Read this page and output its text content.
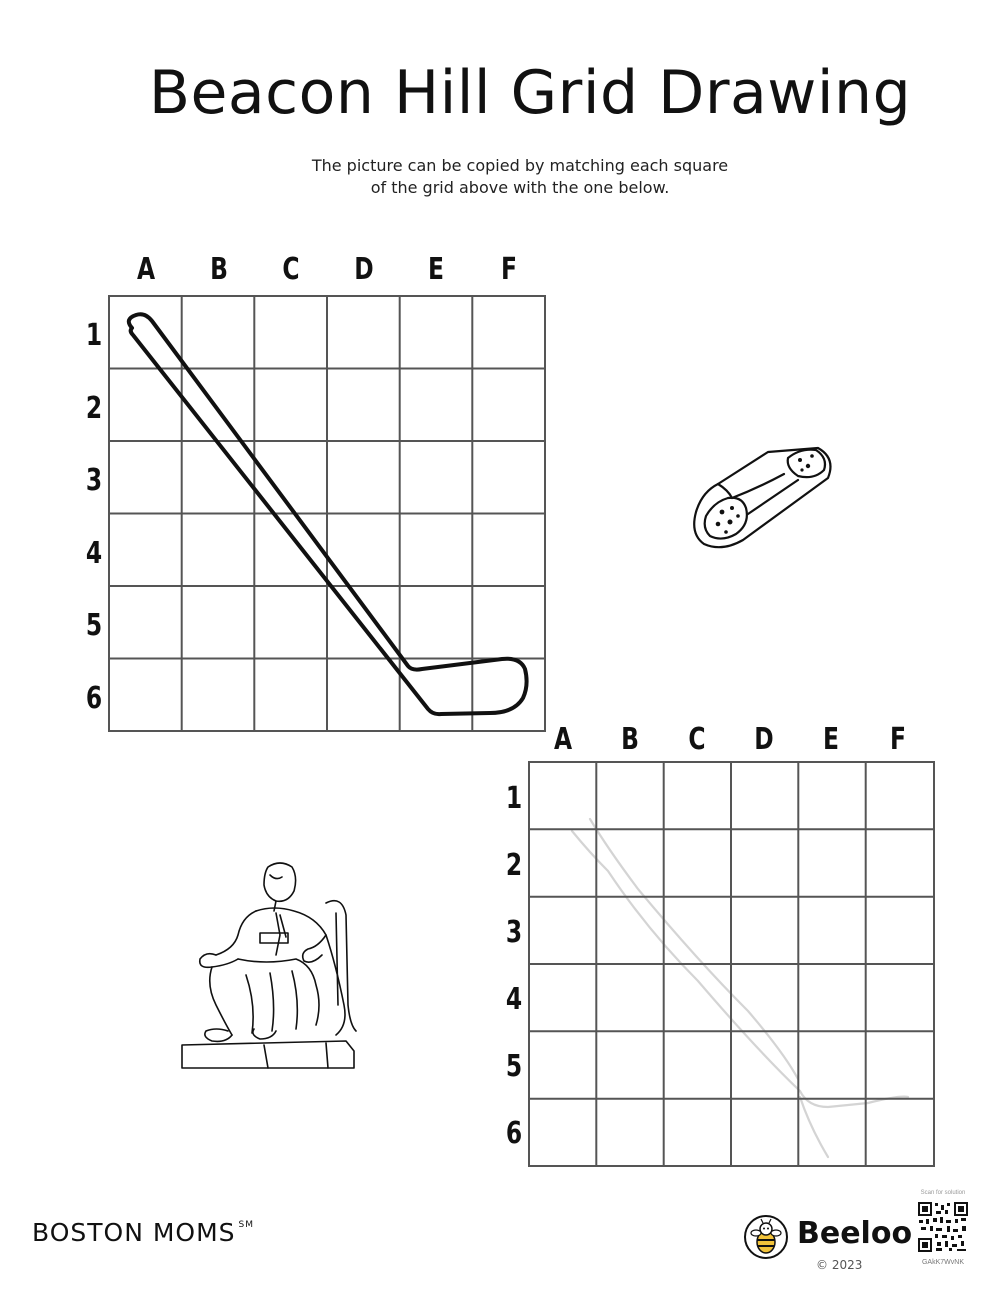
Beacon Hill Grid Drawing
The picture can be copied by matching each square
of the grid above with the one below.
A B C D E F
1
2
3
4
5
6
A B C D E F
1
2
3
4
5
6
BOSTON MOMS ℠	Beeloo
© 2023
Scan for solution
GAkK7WvNK
